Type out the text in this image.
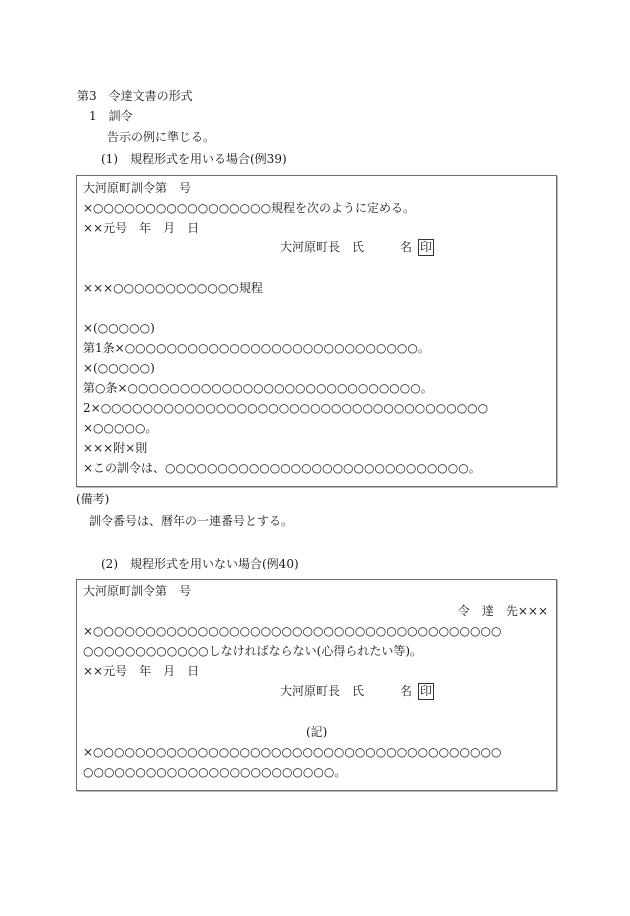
第3　令達文書の形式
1　訓令
告示の例に準じる。
(1)　規程形式を用いる場合(例39)
大河原町訓令第　号
×○○○○○○○○○○○○○○○○○規程を次のように定める。
××元号　年　月　日
大河原町長　氏　　　名 印
×××○○○○○○○○○○○○規程
×(○○○○○)
第1条×○○○○○○○○○○○○○○○○○○○○○○○○○○○○。
×(○○○○○)
第○条×○○○○○○○○○○○○○○○○○○○○○○○○○○○○。
2×○○○○○○○○○○○○○○○○○○○○○○○○○○○○○○○○○○○○○
×○○○○○。
×××附×則
×この訓令は、○○○○○○○○○○○○○○○○○○○○○○○○○○○○○。
(備考)
訓令番号は、暦年の一連番号とする。
(2)　規程形式を用いない場合(例40)
大河原町訓令第　号
令　達　先×××
×○○○○○○○○○○○○○○○○○○○○○○○○○○○○○○○○○○○○○○○
○○○○○○○○○○○○しなければならない(心得られたい等)。
××元号　年　月　日
大河原町長　氏　　　名 印
(記)
×○○○○○○○○○○○○○○○○○○○○○○○○○○○○○○○○○○○○○○○
○○○○○○○○○○○○○○○○○○○○○○○○。
